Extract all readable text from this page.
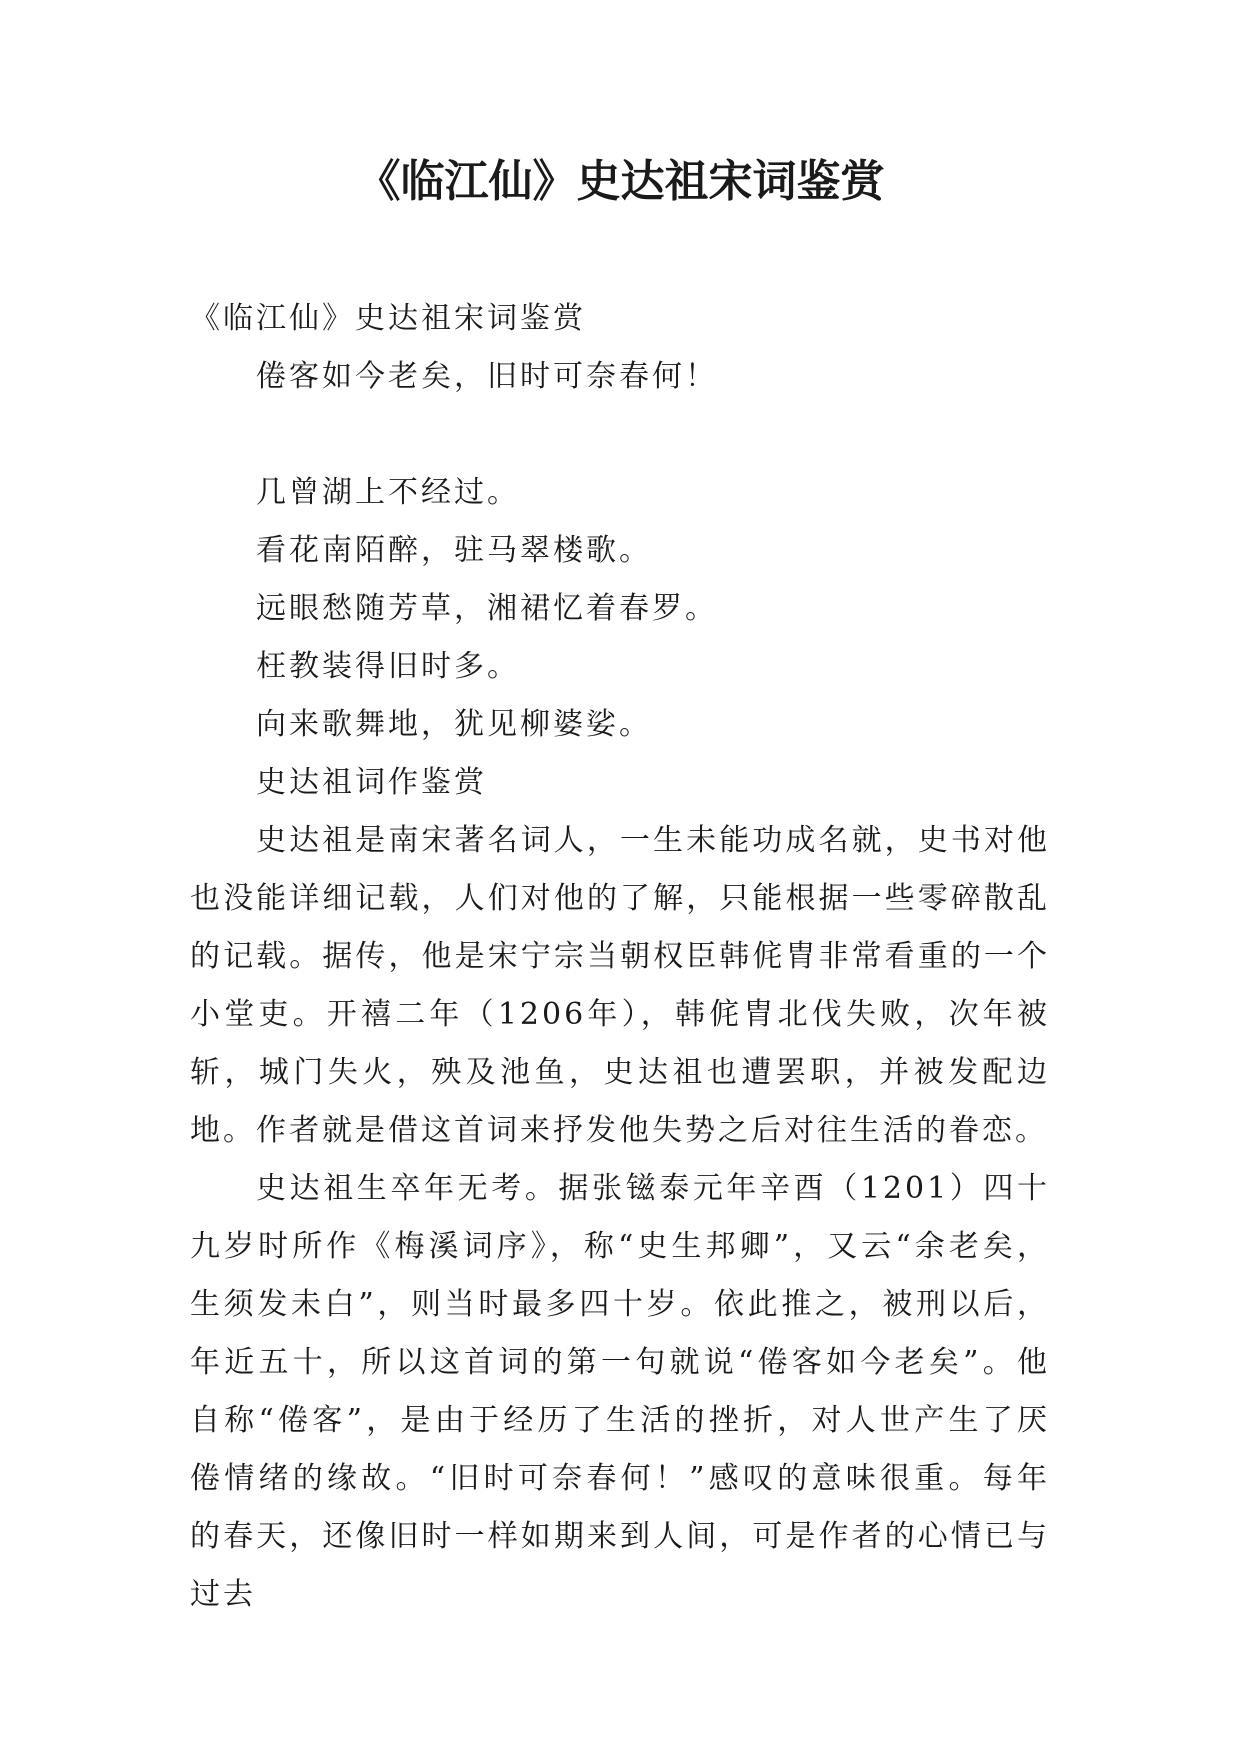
《临江仙》史达祖宋词鉴赏
《临江仙》史达祖宋词鉴赏
倦客如今老矣，旧时可奈春何！
几曾湖上不经过。
看花南陌醉，驻马翠楼歌。
远眼愁随芳草，湘裙忆着春罗。
枉教装得旧时多。
向来歌舞地，犹见柳婆娑。
史达祖词作鉴赏

史达祖是南宋著名词人，一生未能功成名就，史书对他也没能详细记载，人们对他的了解，只能根据一些零碎散乱的记载。据传，他是宋宁宗当朝权臣韩侂胄非常看重的一个小堂吏。开禧二年（1206年），韩侂胄北伐失败，次年被斩，城门失火，殃及池鱼，史达祖也遭罢职，并被发配边地。作者就是借这首词来抒发他失势之后对往生活的眷恋。

史达祖生卒年无考。据张镃泰元年辛酉（1201）四十九岁时所作《梅溪词序》，称“史生邦卿”，又云“余老矣，生须发未白”，则当时最多四十岁。依此推之，被刑以后，年近五十，所以这首词的第一句就说“倦客如今老矣”。他自称“倦客”，是由于经历了生活的挫折，对人世产生了厌倦情绪的缘故。“旧时可奈春何！”感叹的意味很重。每年的春天，还像旧时一样如期来到人间，可是作者的心情已与过去
